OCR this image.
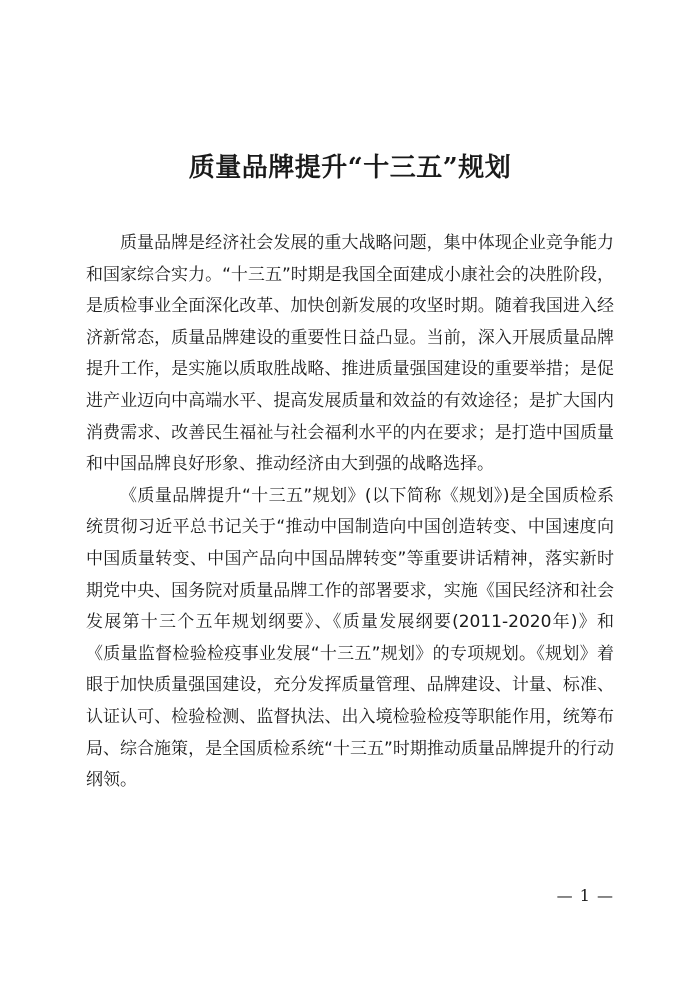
质量品牌提升“十三五”规划

质量品牌是经济社会发展的重大战略问题，集中体现企业竞争能力和国家综合实力。“十三五”时期是我国全面建成小康社会的决胜阶段，是质检事业全面深化改革、加快创新发展的攻坚时期。随着我国进入经济新常态，质量品牌建设的重要性日益凸显。当前，深入开展质量品牌提升工作，是实施以质取胜战略、推进质量强国建设的重要举措；是促进产业迈向中高端水平、提高发展质量和效益的有效途径；是扩大国内消费需求、改善民生福祉与社会福利水平的内在要求；是打造中国质量和中国品牌良好形象、推动经济由大到强的战略选择。

《质量品牌提升“十三五”规划》(以下简称《规划》)是全国质检系统贯彻习近平总书记关于“推动中国制造向中国创造转变、中国速度向中国质量转变、中国产品向中国品牌转变”等重要讲话精神，落实新时期党中央、国务院对质量品牌工作的部署要求，实施《国民经济和社会发展第十三个五年规划纲要》、《质量发展纲要(2011-2020年)》和《质量监督检验检疫事业发展“十三五”规划》的专项规划。《规划》着眼于加快质量强国建设，充分发挥质量管理、品牌建设、计量、标准、认证认可、检验检测、监督执法、出入境检验检疫等职能作用，统筹布局、综合施策，是全国质检系统“十三五”时期推动质量品牌提升的行动纲领。

— 1 —
